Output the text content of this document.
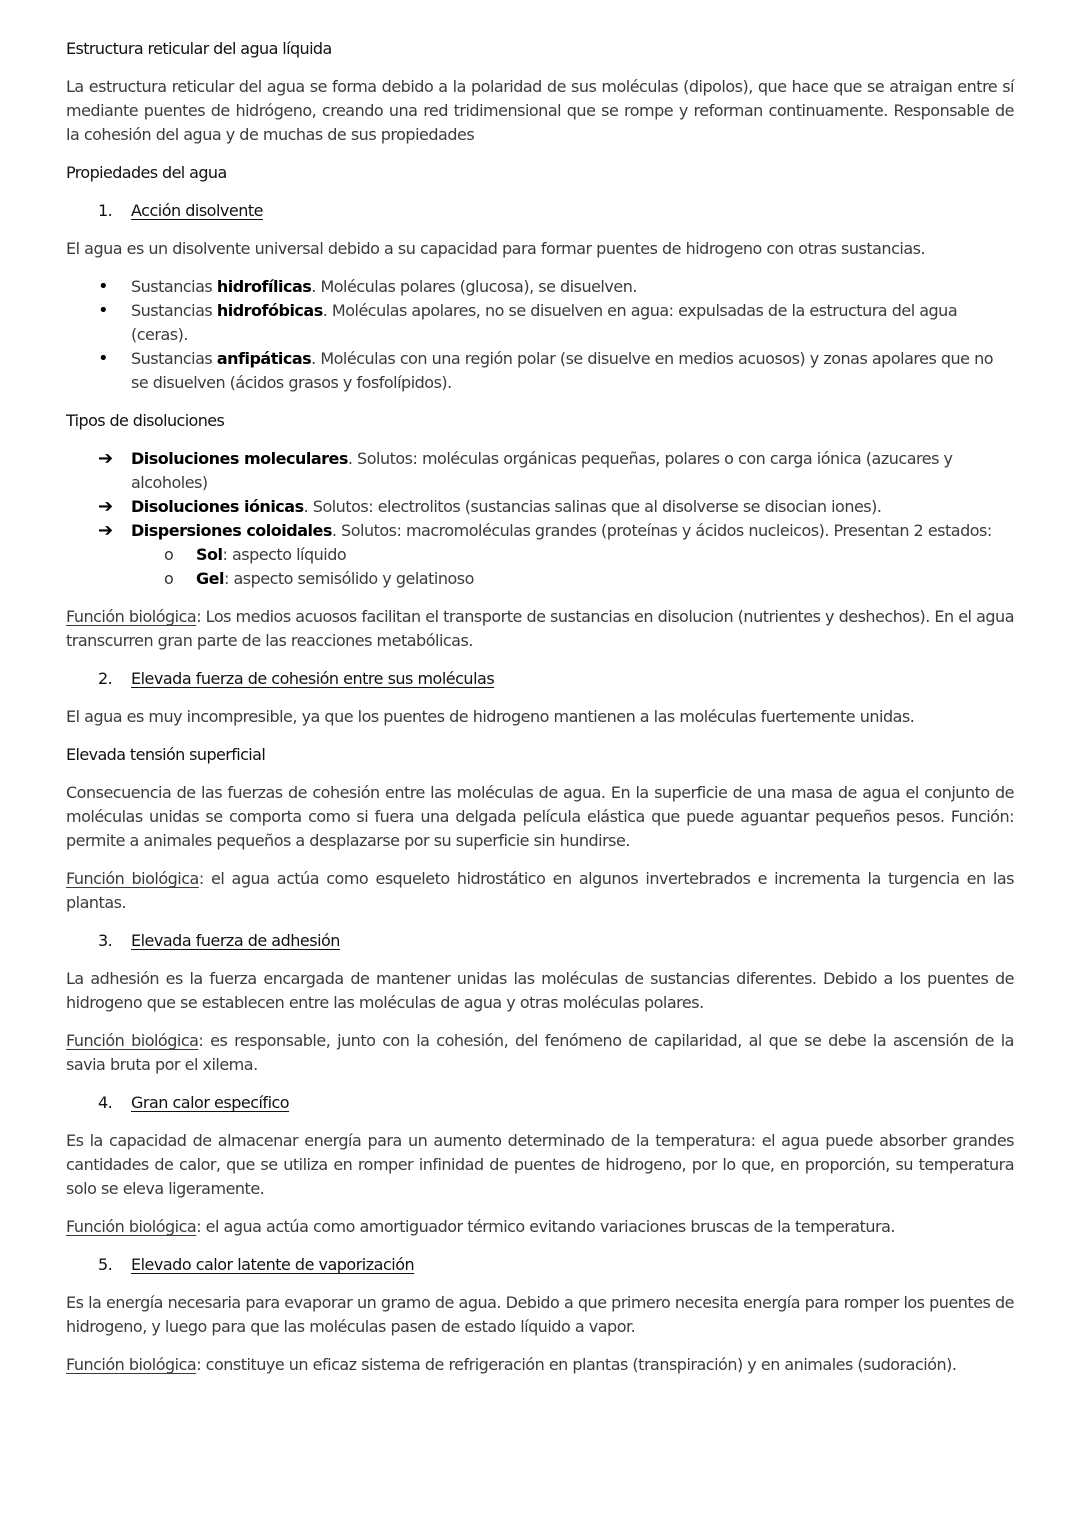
Estructura reticular del agua líquida

La estructura reticular del agua se forma debido a la polaridad de sus moléculas (dipolos), que hace que se atraigan entre sí mediante puentes de hidrógeno, creando una red tridimensional que se rompe y reforman continuamente. Responsable de la cohesión del agua y de muchas de sus propiedades

Propiedades del agua

1.	Acción disolvente

El agua es un disolvente universal debido a su capacidad para formar puentes de hidrogeno con otras sustancias.

•	Sustancias hidrofílicas. Moléculas polares (glucosa), se disuelven.
•	Sustancias hidrofóbicas. Moléculas apolares, no se disuelven en agua: expulsadas de la estructura del agua (ceras).
•	Sustancias anfipáticas. Moléculas con una región polar (se disuelve en medios acuosos) y zonas apolares que no se disuelven (ácidos grasos y fosfolípidos).

Tipos de disoluciones

➔	Disoluciones moleculares. Solutos: moléculas orgánicas pequeñas, polares o con carga iónica (azucares y alcoholes)
➔	Disoluciones iónicas. Solutos: electrolitos (sustancias salinas que al disolverse se disocian iones).
➔	Dispersiones coloidales. Solutos: macromoléculas grandes (proteínas y ácidos nucleicos). Presentan 2 estados:
o	Sol: aspecto líquido
o	Gel: aspecto semisólido y gelatinoso

Función biológica: Los medios acuosos facilitan el transporte de sustancias en disolucion (nutrientes y deshechos). En el agua transcurren gran parte de las reacciones metabólicas.

2.	Elevada fuerza de cohesión entre sus moléculas

El agua es muy incompresible, ya que los puentes de hidrogeno mantienen a las moléculas fuertemente unidas.

Elevada tensión superficial

Consecuencia de las fuerzas de cohesión entre las moléculas de agua. En la superficie de una masa de agua el conjunto de moléculas unidas se comporta como si fuera una delgada película elástica que puede aguantar pequeños pesos. Función: permite a animales pequeños a desplazarse por su superficie sin hundirse.

Función biológica: el agua actúa como esqueleto hidrostático en algunos invertebrados e incrementa la turgencia en las plantas.

3.	Elevada fuerza de adhesión

La adhesión es la fuerza encargada de mantener unidas las moléculas de sustancias diferentes. Debido a los puentes de hidrogeno que se establecen entre las moléculas de agua y otras moléculas polares.

Función biológica: es responsable, junto con la cohesión, del fenómeno de capilaridad, al que se debe la ascensión de la savia bruta por el xilema.

4.	Gran calor específico

Es la capacidad de almacenar energía para un aumento determinado de la temperatura: el agua puede absorber grandes cantidades de calor, que se utiliza en romper infinidad de puentes de hidrogeno, por lo que, en proporción, su temperatura solo se eleva ligeramente.

Función biológica: el agua actúa como amortiguador térmico evitando variaciones bruscas de la temperatura.

5.	Elevado calor latente de vaporización

Es la energía necesaria para evaporar un gramo de agua. Debido a que primero necesita energía para romper los puentes de hidrogeno, y luego para que las moléculas pasen de estado líquido a vapor.

Función biológica: constituye un eficaz sistema de refrigeración en plantas (transpiración) y en animales (sudoración).
